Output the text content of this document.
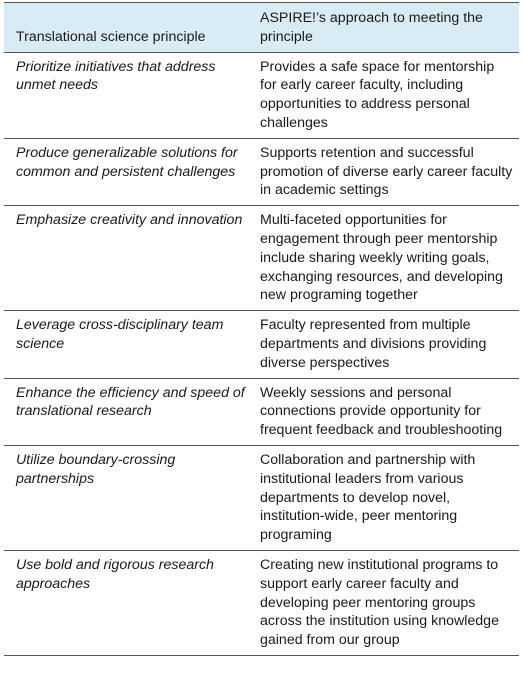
Translational science principle	ASPIRE!’s approach to meeting the principle
Prioritize initiatives that address unmet needs	Provides a safe space for mentorship for early career faculty, including opportunities to address personal challenges
Produce generalizable solutions for common and persistent challenges	Supports retention and successful promotion of diverse early career faculty in academic settings
Emphasize creativity and innovation	Multi-faceted opportunities for engagement through peer mentorship include sharing weekly writing goals, exchanging resources, and developing new programing together
Leverage cross-disciplinary team science	Faculty represented from multiple departments and divisions providing diverse perspectives
Enhance the efficiency and speed of translational research	Weekly sessions and personal connections provide opportunity for frequent feedback and troubleshooting
Utilize boundary-crossing partnerships	Collaboration and partnership with institutional leaders from various departments to develop novel, institution-wide, peer mentoring programing
Use bold and rigorous research approaches	Creating new institutional programs to support early career faculty and developing peer mentoring groups across the institution using knowledge gained from our group
